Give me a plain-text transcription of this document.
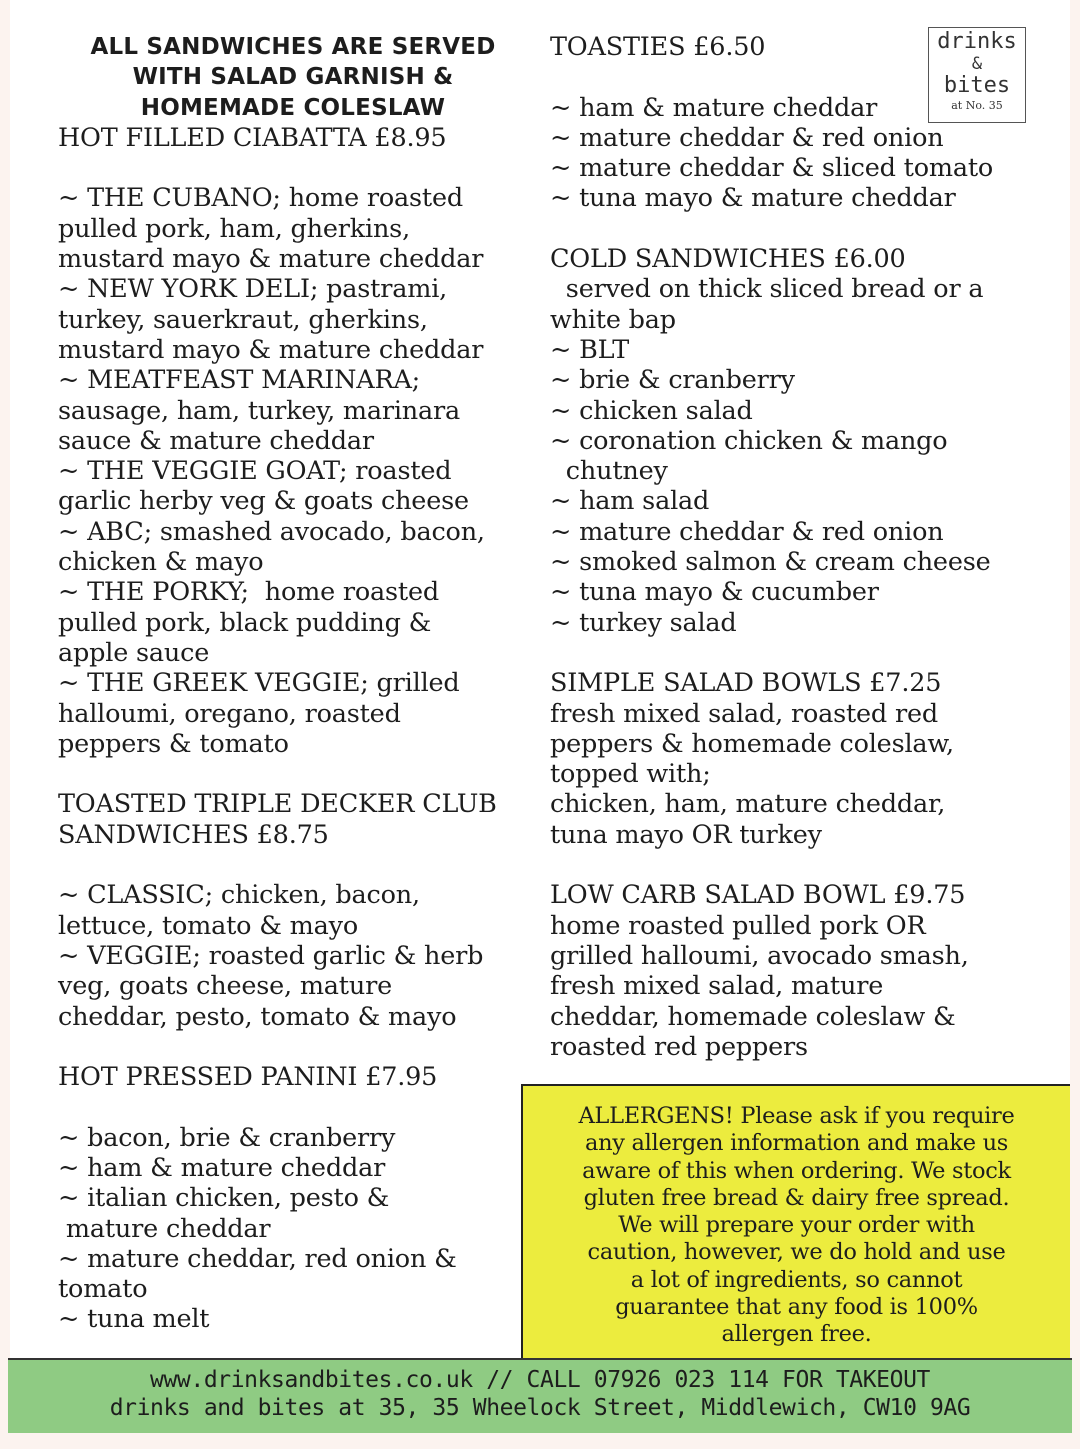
ALL SANDWICHES ARE SERVED
WITH SALAD GARNISH &
HOMEMADE COLESLAW
HOT FILLED CIABATTA £8.95
~ THE CUBANO; home roasted
pulled pork, ham, gherkins,
mustard mayo & mature cheddar
~ NEW YORK DELI; pastrami,
turkey, sauerkraut, gherkins,
mustard mayo & mature cheddar
~ MEATFEAST MARINARA;
sausage, ham, turkey, marinara
sauce & mature cheddar
~ THE VEGGIE GOAT; roasted
garlic herby veg & goats cheese
~ ABC; smashed avocado, bacon,
chicken & mayo
~ THE PORKY;  home roasted
pulled pork, black pudding &
apple sauce
~ THE GREEK VEGGIE; grilled
halloumi, oregano, roasted
peppers & tomato
TOASTED TRIPLE DECKER CLUB
SANDWICHES £8.75
~ CLASSIC; chicken, bacon,
lettuce, tomato & mayo
~ VEGGIE; roasted garlic & herb
veg, goats cheese, mature
cheddar, pesto, tomato & mayo
HOT PRESSED PANINI £7.95
~ bacon, brie & cranberry
~ ham & mature cheddar
~ italian chicken, pesto &
mature cheddar
~ mature cheddar, red onion &
tomato
~ tuna melt
TOASTIES £6.50
~ ham & mature cheddar
~ mature cheddar & red onion
~ mature cheddar & sliced tomato
~ tuna mayo & mature cheddar
COLD SANDWICHES £6.00
served on thick sliced bread or a
white bap
~ BLT
~ brie & cranberry
~ chicken salad
~ coronation chicken & mango
chutney
~ ham salad
~ mature cheddar & red onion
~ smoked salmon & cream cheese
~ tuna mayo & cucumber
~ turkey salad
SIMPLE SALAD BOWLS £7.25
fresh mixed salad, roasted red
peppers & homemade coleslaw,
topped with;
chicken, ham, mature cheddar,
tuna mayo OR turkey
LOW CARB SALAD BOWL £9.75
home roasted pulled pork OR
grilled halloumi, avocado smash,
fresh mixed salad, mature
cheddar, homemade coleslaw &
roasted red peppers
drinks
&
bites
at No. 35
ALLERGENS! Please ask if you require
any allergen information and make us
aware of this when ordering. We stock
gluten free bread & dairy free spread.
We will prepare your order with
caution, however, we do hold and use
a lot of ingredients, so cannot
guarantee that any food is 100%
allergen free.
www.drinksandbites.co.uk // CALL 07926 023 114 FOR TAKEOUT
drinks and bites at 35, 35 Wheelock Street, Middlewich, CW10 9AG
